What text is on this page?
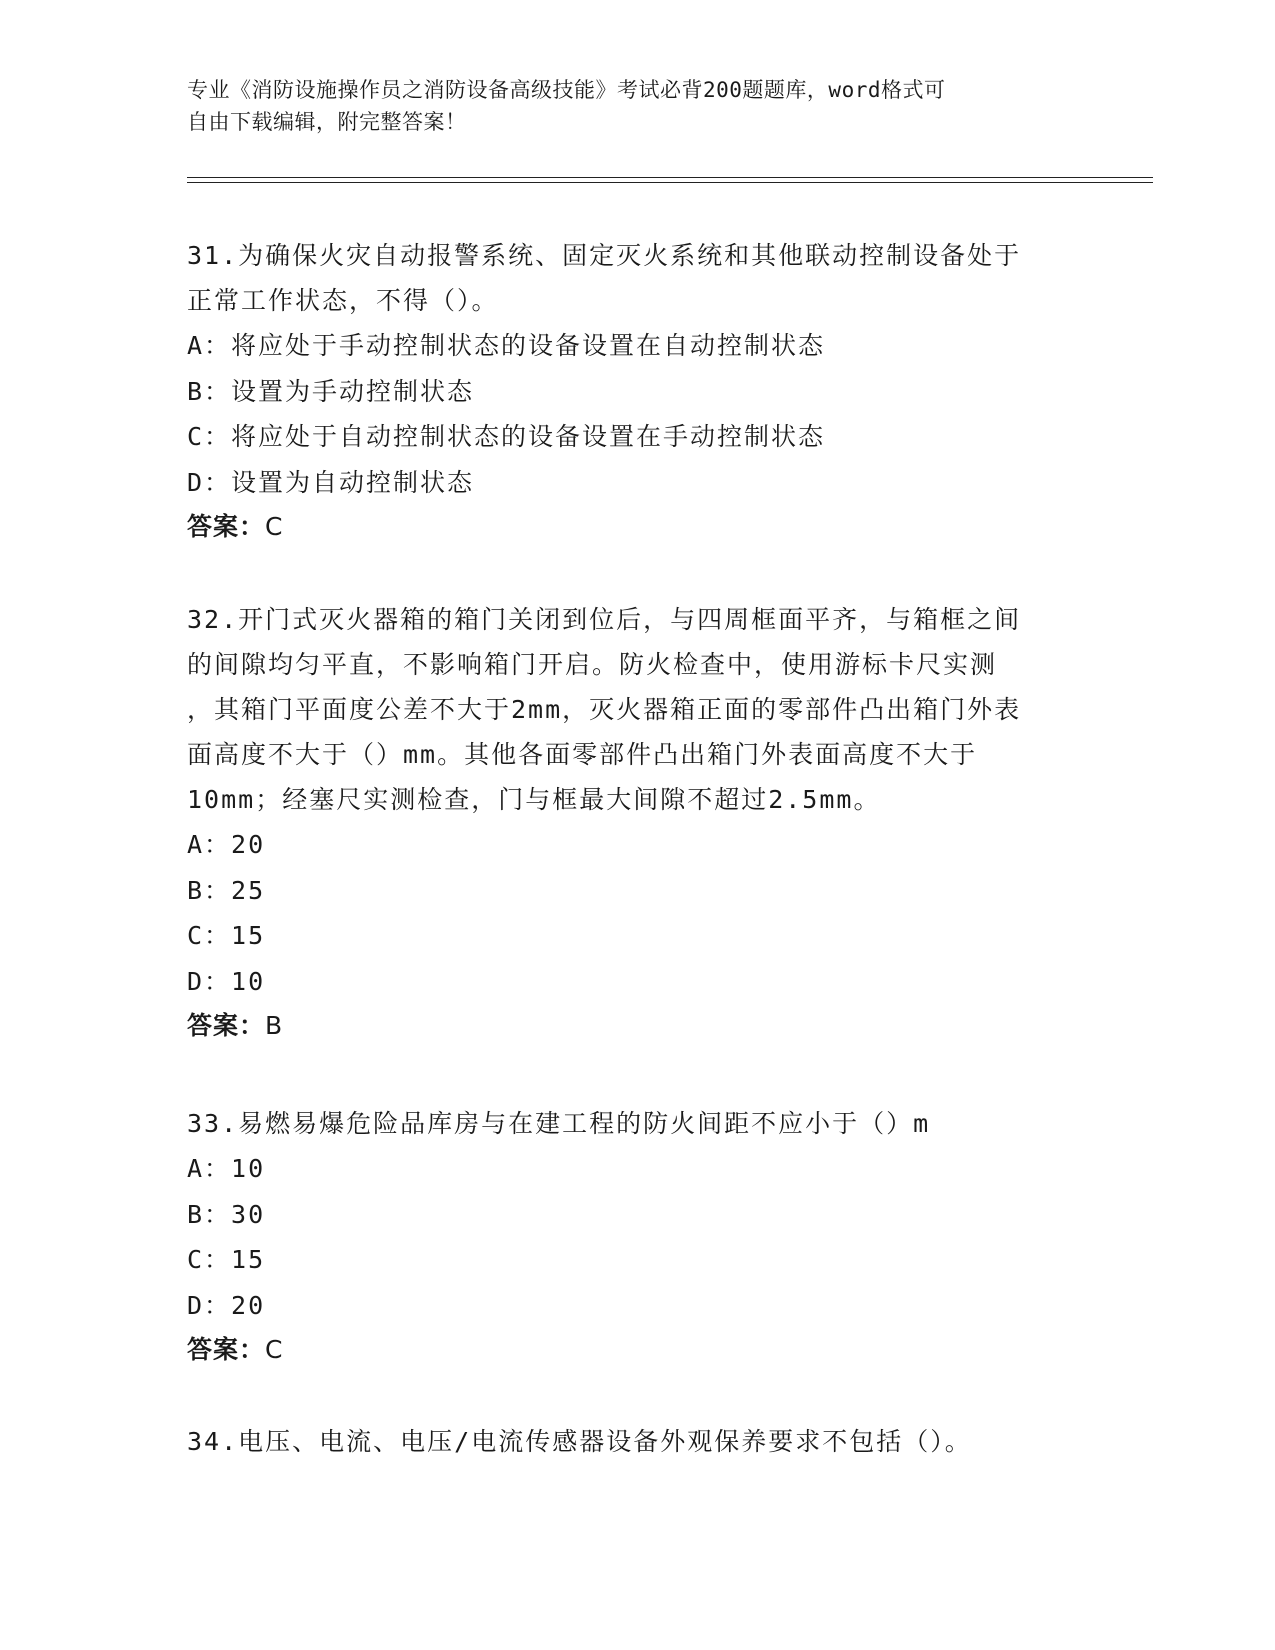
专业《消防设施操作员之消防设备高级技能》考试必背200题题库，word格式可
自由下载编辑，附完整答案！
31.为确保火灾自动报警系统、固定灭火系统和其他联动控制设备处于
正常工作状态，不得（）。
A：将应处于手动控制状态的设备设置在自动控制状态
B：设置为手动控制状态
C：将应处于自动控制状态的设备设置在手动控制状态
D：设置为自动控制状态
答案：C
32.开门式灭火器箱的箱门关闭到位后，与四周框面平齐，与箱框之间
的间隙均匀平直，不影响箱门开启。防火检查中，使用游标卡尺实测
，其箱门平面度公差不大于2mm，灭火器箱正面的零部件凸出箱门外表
面高度不大于（）mm。其他各面零部件凸出箱门外表面高度不大于
10mm；经塞尺实测检查，门与框最大间隙不超过2.5mm。
A：20
B：25
C：15
D：10
答案：B
33.易燃易爆危险品库房与在建工程的防火间距不应小于（）m
A：10
B：30
C：15
D：20
答案：C
34.电压、电流、电压/电流传感器设备外观保养要求不包括（）。
